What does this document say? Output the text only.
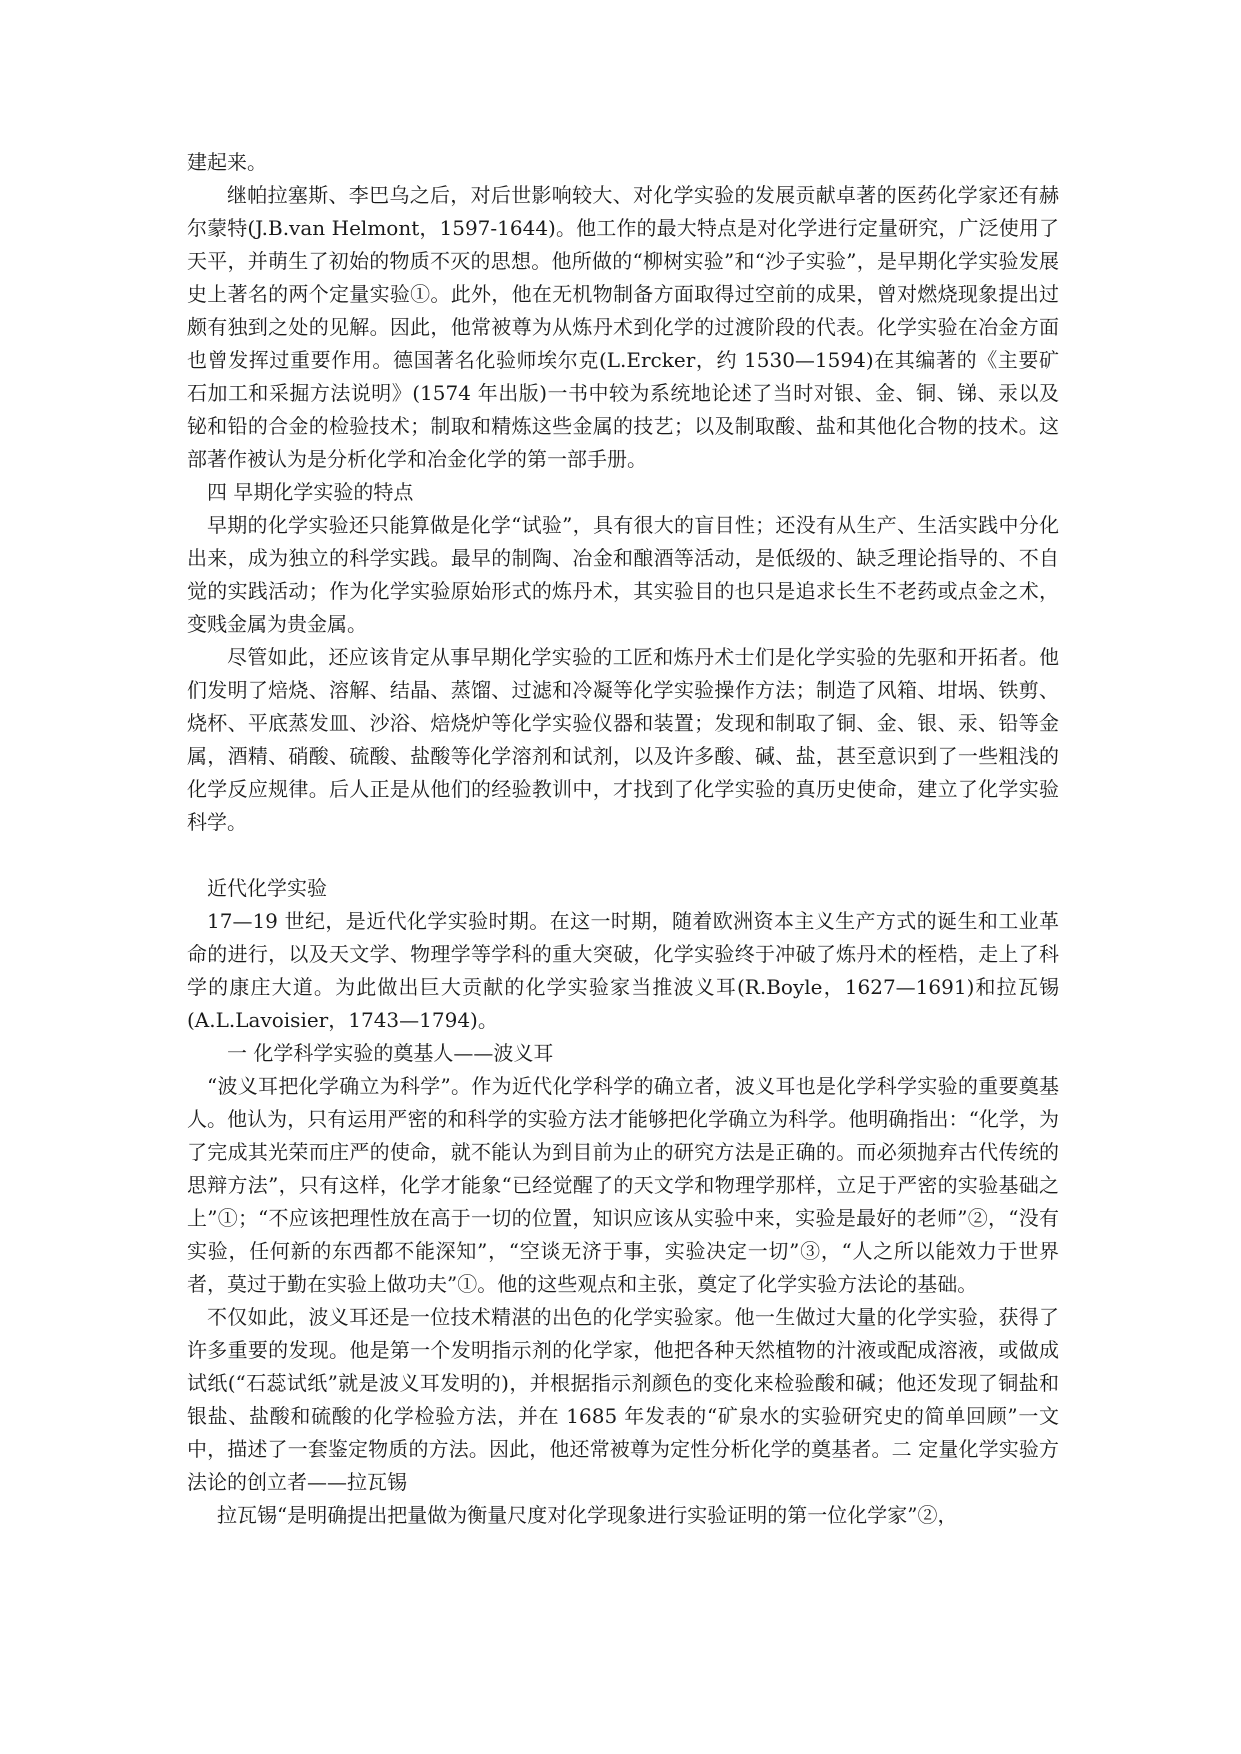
建起来。

继帕拉塞斯、李巴乌之后，对后世影响较大、对化学实验的发展贡献卓著的医药化学家还有赫尔蒙特(J.B.van Helmont，1597-1644)。他工作的最大特点是对化学进行定量研究，广泛使用了天平，并萌生了初始的物质不灭的思想。他所做的“柳树实验”和“沙子实验”，是早期化学实验发展史上著名的两个定量实验①。此外，他在无机物制备方面取得过空前的成果，曾对燃烧现象提出过颇有独到之处的见解。因此，他常被尊为从炼丹术到化学的过渡阶段的代表。化学实验在冶金方面也曾发挥过重要作用。德国著名化验师埃尔克(L.Ercker，约 1530—1594)在其编著的《主要矿石加工和采掘方法说明》(1574 年出版)一书中较为系统地论述了当时对银、金、铜、锑、汞以及铋和铅的合金的检验技术；制取和精炼这些金属的技艺；以及制取酸、盐和其他化合物的技术。这部著作被认为是分析化学和冶金化学的第一部手册。

四 早期化学实验的特点

早期的化学实验还只能算做是化学“试验”，具有很大的盲目性；还没有从生产、生活实践中分化出来，成为独立的科学实践。最早的制陶、冶金和酿酒等活动，是低级的、缺乏理论指导的、不自觉的实践活动；作为化学实验原始形式的炼丹术，其实验目的也只是追求长生不老药或点金之术，变贱金属为贵金属。

尽管如此，还应该肯定从事早期化学实验的工匠和炼丹术士们是化学实验的先驱和开拓者。他们发明了焙烧、溶解、结晶、蒸馏、过滤和冷凝等化学实验操作方法；制造了风箱、坩埚、铁剪、烧杯、平底蒸发皿、沙浴、焙烧炉等化学实验仪器和装置；发现和制取了铜、金、银、汞、铅等金属，酒精、硝酸、硫酸、盐酸等化学溶剂和试剂，以及许多酸、碱、盐，甚至意识到了一些粗浅的化学反应规律。后人正是从他们的经验教训中，才找到了化学实验的真历史使命，建立了化学实验科学。

近代化学实验

17—19 世纪，是近代化学实验时期。在这一时期，随着欧洲资本主义生产方式的诞生和工业革命的进行，以及天文学、物理学等学科的重大突破，化学实验终于冲破了炼丹术的桎梏，走上了科学的康庄大道。为此做出巨大贡献的化学实验家当推波义耳(R.Boyle，1627—1691)和拉瓦锡(A.L.Lavoisier，1743—1794)。

一 化学科学实验的奠基人——波义耳

“波义耳把化学确立为科学”。作为近代化学科学的确立者，波义耳也是化学科学实验的重要奠基人。他认为，只有运用严密的和科学的实验方法才能够把化学确立为科学。他明确指出：“化学，为了完成其光荣而庄严的使命，就不能认为到目前为止的研究方法是正确的。而必须抛弃古代传统的思辩方法”，只有这样，化学才能象“已经觉醒了的天文学和物理学那样，立足于严密的实验基础之上”①；“不应该把理性放在高于一切的位置，知识应该从实验中来，实验是最好的老师”②，“没有实验，任何新的东西都不能深知”，“空谈无济于事，实验决定一切”③，“人之所以能效力于世界者，莫过于勤在实验上做功夫”①。他的这些观点和主张，奠定了化学实验方法论的基础。

不仅如此，波义耳还是一位技术精湛的出色的化学实验家。他一生做过大量的化学实验，获得了许多重要的发现。他是第一个发明指示剂的化学家，他把各种天然植物的汁液或配成溶液，或做成试纸(“石蕊试纸”就是波义耳发明的)，并根据指示剂颜色的变化来检验酸和碱；他还发现了铜盐和银盐、盐酸和硫酸的化学检验方法，并在 1685 年发表的“矿泉水的实验研究史的简单回顾”一文中，描述了一套鉴定物质的方法。因此，他还常被尊为定性分析化学的奠基者。二 定量化学实验方法论的创立者——拉瓦锡

拉瓦锡“是明确提出把量做为衡量尺度对化学现象进行实验证明的第一位化学家”②，
